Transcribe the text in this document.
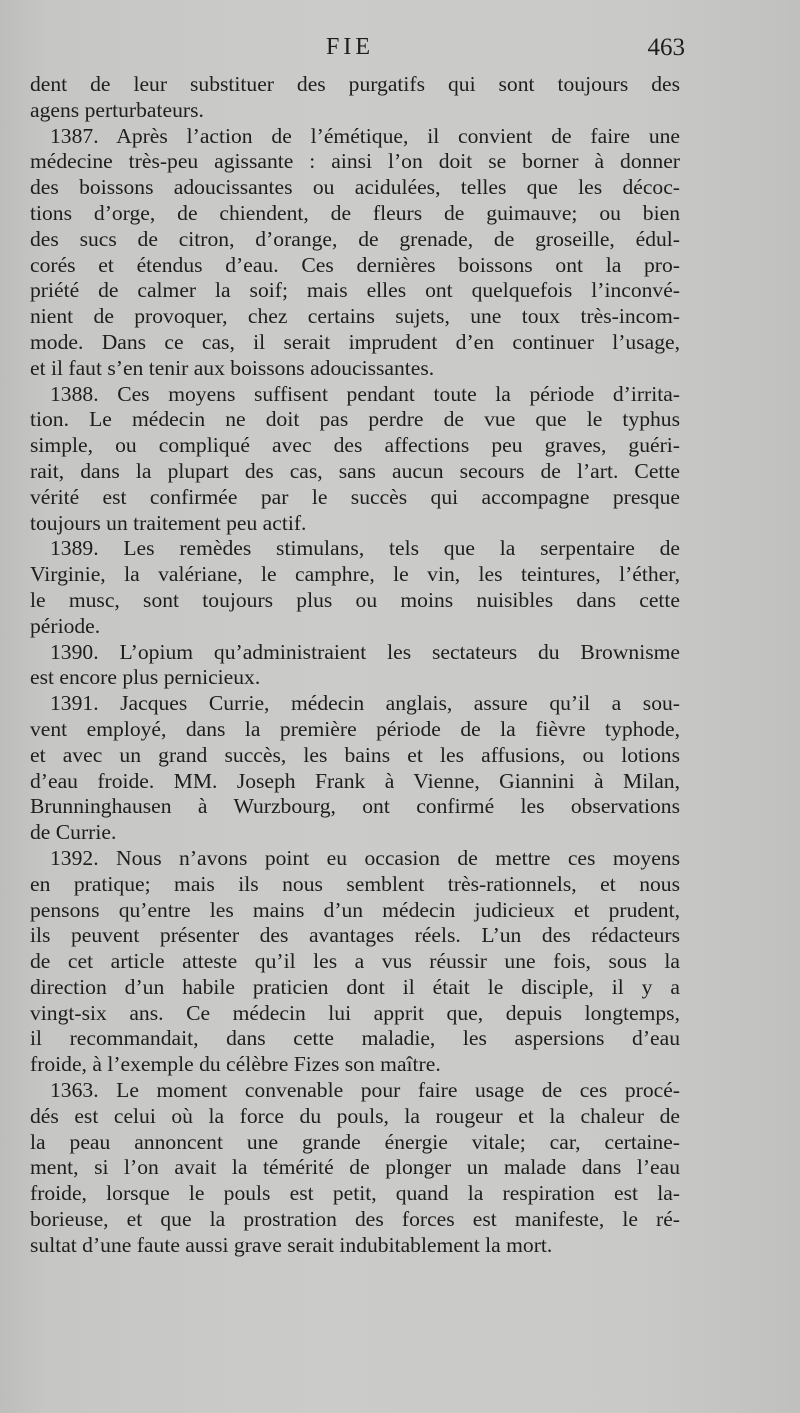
FIE	463
dent de leur substituer des purgatifs qui sont toujours des
agens perturbateurs.
1387. Après l’action de l’émétique, il convient de faire une
médecine très-peu agissante : ainsi l’on doit se borner à donner
des boissons adoucissantes ou acidulées, telles que les décoc-
tions d’orge, de chiendent, de fleurs de guimauve; ou bien
des sucs de citron, d’orange, de grenade, de groseille, édul-
corés et étendus d’eau. Ces dernières boissons ont la pro-
priété de calmer la soif; mais elles ont quelquefois l’inconvé-
nient de provoquer, chez certains sujets, une toux très-incom-
mode. Dans ce cas, il serait imprudent d’en continuer l’usage,
et il faut s’en tenir aux boissons adoucissantes.
1388. Ces moyens suffisent pendant toute la période d’irrita-
tion. Le médecin ne doit pas perdre de vue que le typhus
simple, ou compliqué avec des affections peu graves, guéri-
rait, dans la plupart des cas, sans aucun secours de l’art. Cette
vérité est confirmée par le succès qui accompagne presque
toujours un traitement peu actif.
1389. Les remèdes stimulans, tels que la serpentaire de
Virginie, la valériane, le camphre, le vin, les teintures, l’éther,
le musc, sont toujours plus ou moins nuisibles dans cette
période.
1390. L’opium qu’administraient les sectateurs du Brownisme
est encore plus pernicieux.
1391. Jacques Currie, médecin anglais, assure qu’il a sou-
vent employé, dans la première période de la fièvre typhode,
et avec un grand succès, les bains et les affusions, ou lotions
d’eau froide. MM. Joseph Frank à Vienne, Giannini à Milan,
Brunninghausen à Wurzbourg, ont confirmé les observations
de Currie.
1392. Nous n’avons point eu occasion de mettre ces moyens
en pratique; mais ils nous semblent très-rationnels, et nous
pensons qu’entre les mains d’un médecin judicieux et prudent,
ils peuvent présenter des avantages réels. L’un des rédacteurs
de cet article atteste qu’il les a vus réussir une fois, sous la
direction d’un habile praticien dont il était le disciple, il y a
vingt-six ans. Ce médecin lui apprit que, depuis longtemps,
il recommandait, dans cette maladie, les aspersions d’eau
froide, à l’exemple du célèbre Fizes son maître.
1363. Le moment convenable pour faire usage de ces procé-
dés est celui où la force du pouls, la rougeur et la chaleur de
la peau annoncent une grande énergie vitale; car, certaine-
ment, si l’on avait la témérité de plonger un malade dans l’eau
froide, lorsque le pouls est petit, quand la respiration est la-
borieuse, et que la prostration des forces est manifeste, le ré-
sultat d’une faute aussi grave serait indubitablement la mort.
